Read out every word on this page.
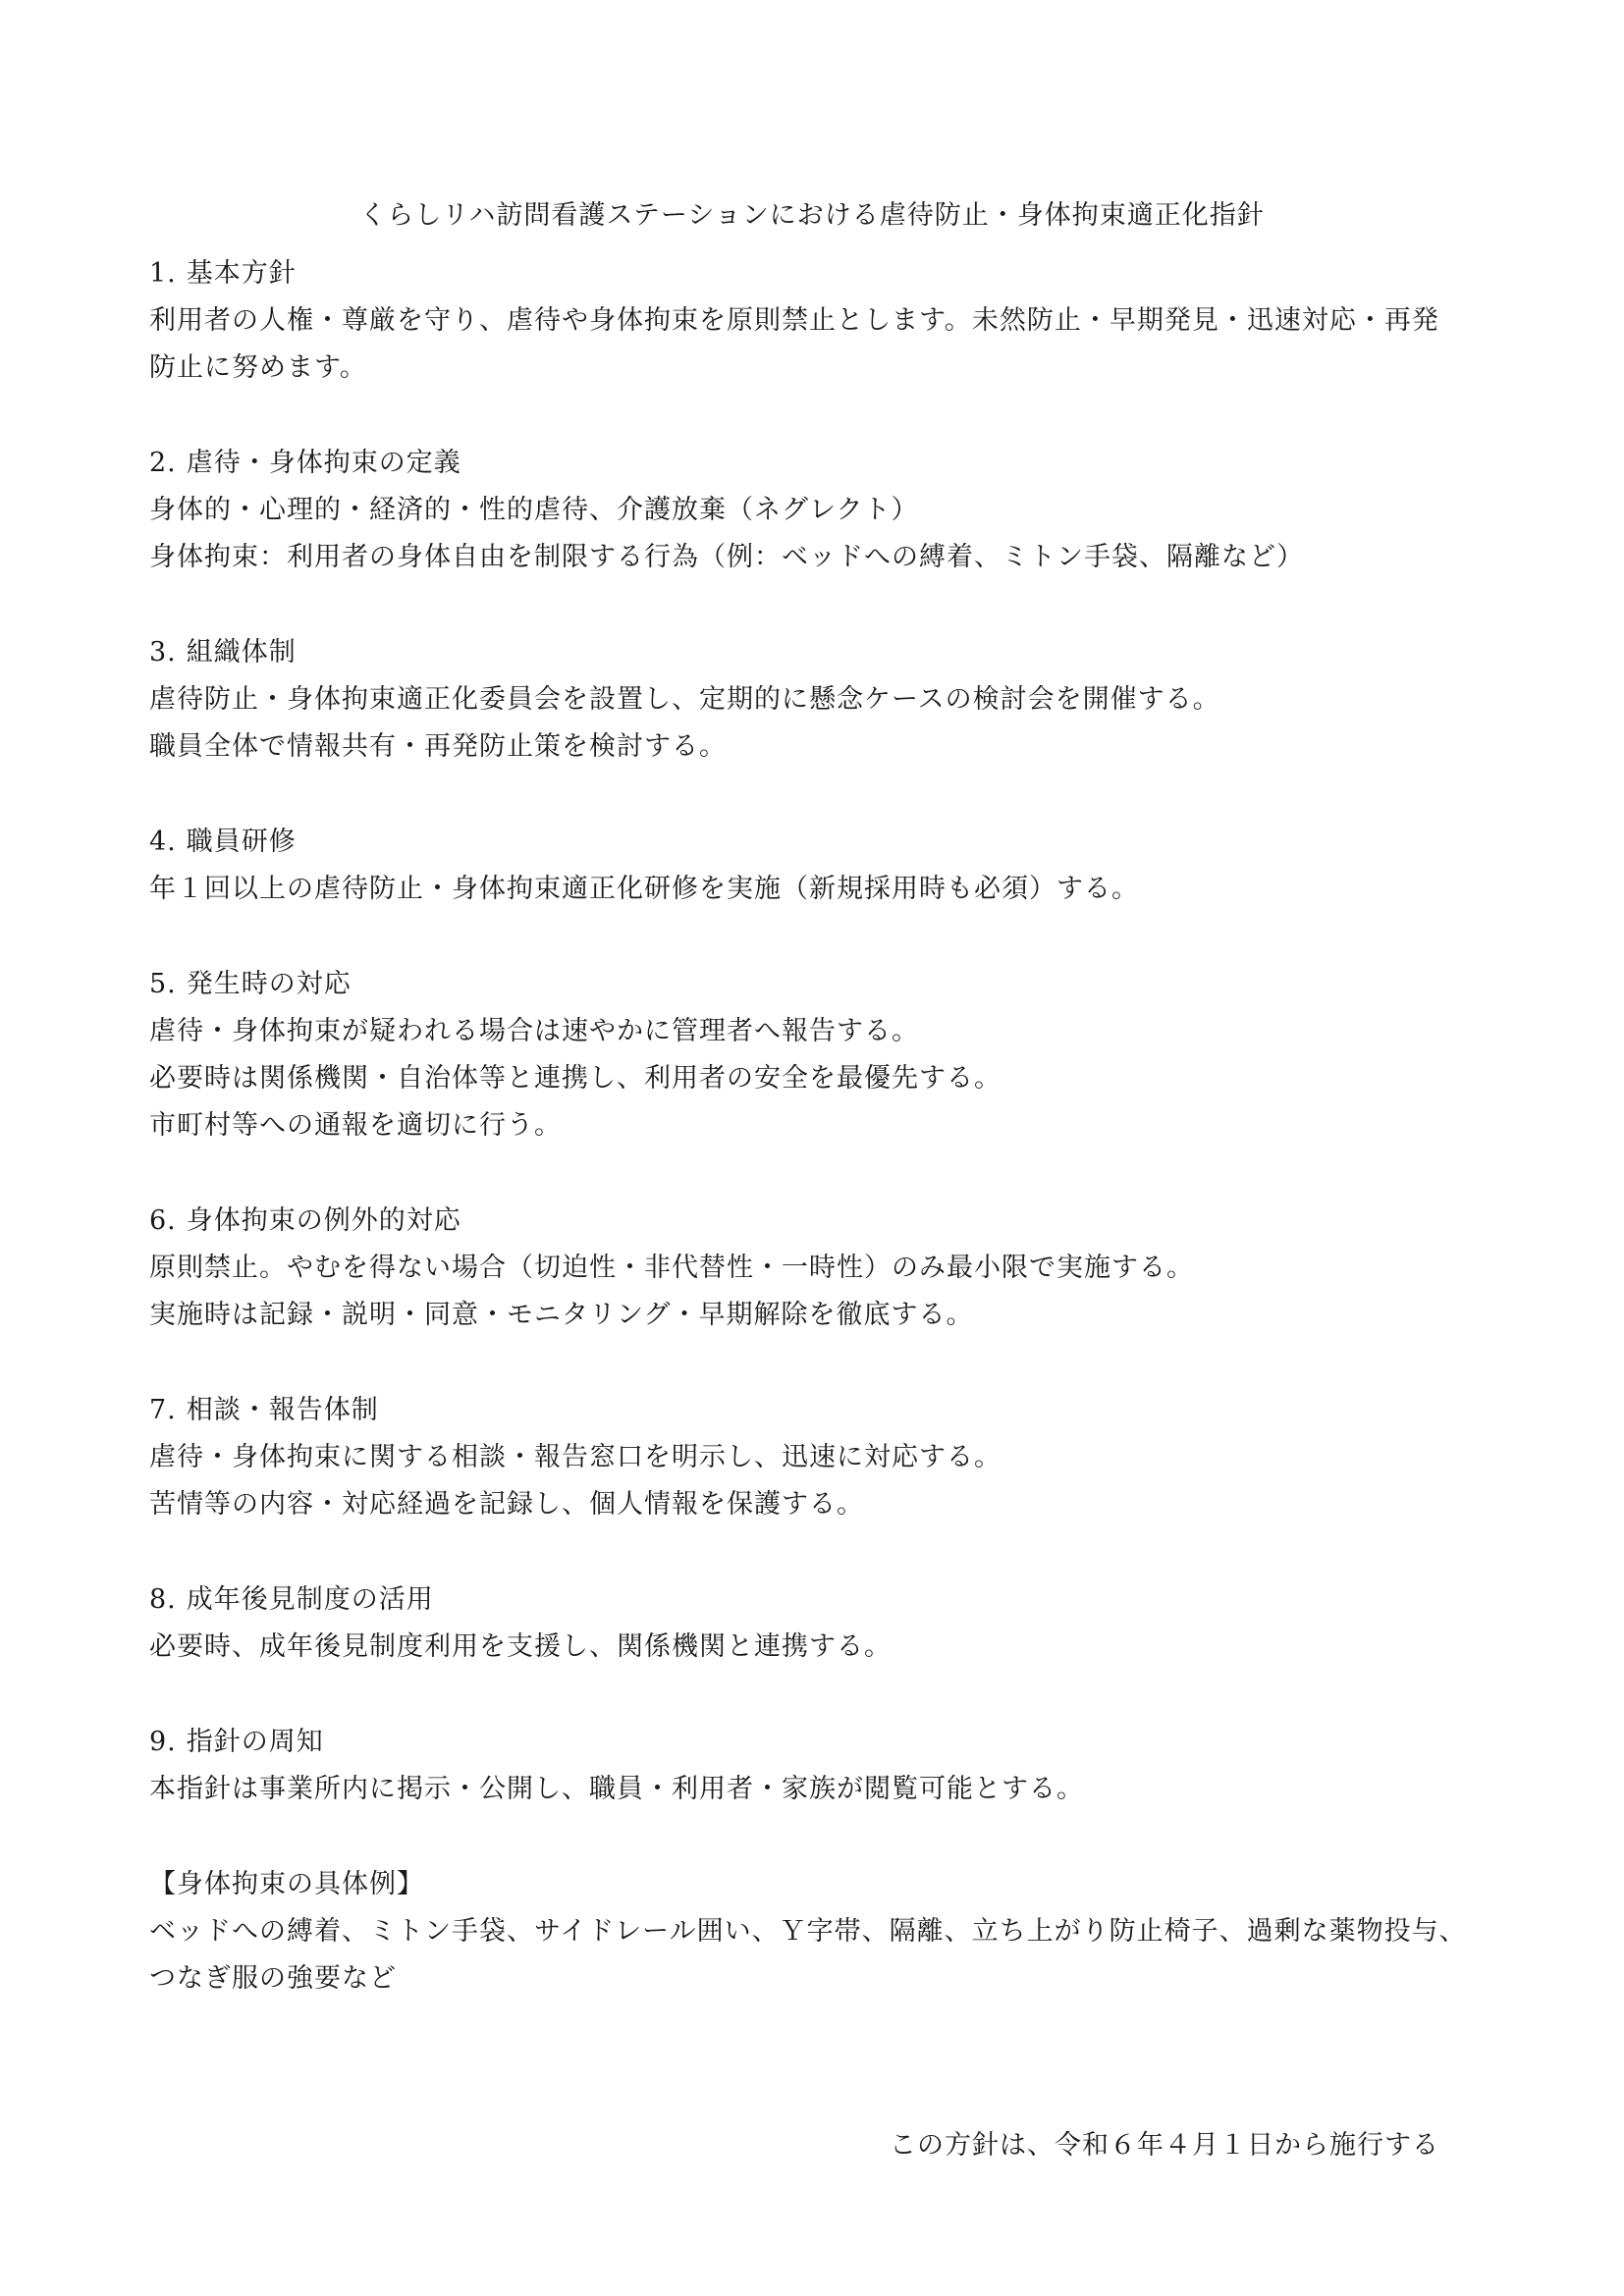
くらしリハ訪問看護ステーションにおける虐待防止・身体拘束適正化指針
1. 基本方針
利用者の人権・尊厳を守り、虐待や身体拘束を原則禁止とします。未然防止・早期発見・迅速対応・再発
防止に努めます。
2. 虐待・身体拘束の定義
身体的・心理的・経済的・性的虐待、介護放棄（ネグレクト）
身体拘束：利用者の身体自由を制限する行為（例：ベッドへの縛着、ミトン手袋、隔離など）
3. 組織体制
虐待防止・身体拘束適正化委員会を設置し、定期的に懸念ケースの検討会を開催する。
職員全体で情報共有・再発防止策を検討する。
4. 職員研修
年１回以上の虐待防止・身体拘束適正化研修を実施（新規採用時も必須）する。
5. 発生時の対応
虐待・身体拘束が疑われる場合は速やかに管理者へ報告する。
必要時は関係機関・自治体等と連携し、利用者の安全を最優先する。
市町村等への通報を適切に行う。
6. 身体拘束の例外的対応
原則禁止。やむを得ない場合（切迫性・非代替性・一時性）のみ最小限で実施する。
実施時は記録・説明・同意・モニタリング・早期解除を徹底する。
7. 相談・報告体制
虐待・身体拘束に関する相談・報告窓口を明示し、迅速に対応する。
苦情等の内容・対応経過を記録し、個人情報を保護する。
8. 成年後見制度の活用
必要時、成年後見制度利用を支援し、関係機関と連携する。
9. 指針の周知
本指針は事業所内に掲示・公開し、職員・利用者・家族が閲覧可能とする。
【身体拘束の具体例】
ベッドへの縛着、ミトン手袋、サイドレール囲い、Ｙ字帯、隔離、立ち上がり防止椅子、過剰な薬物投与、
つなぎ服の強要など
この方針は、令和６年４月１日から施行する
